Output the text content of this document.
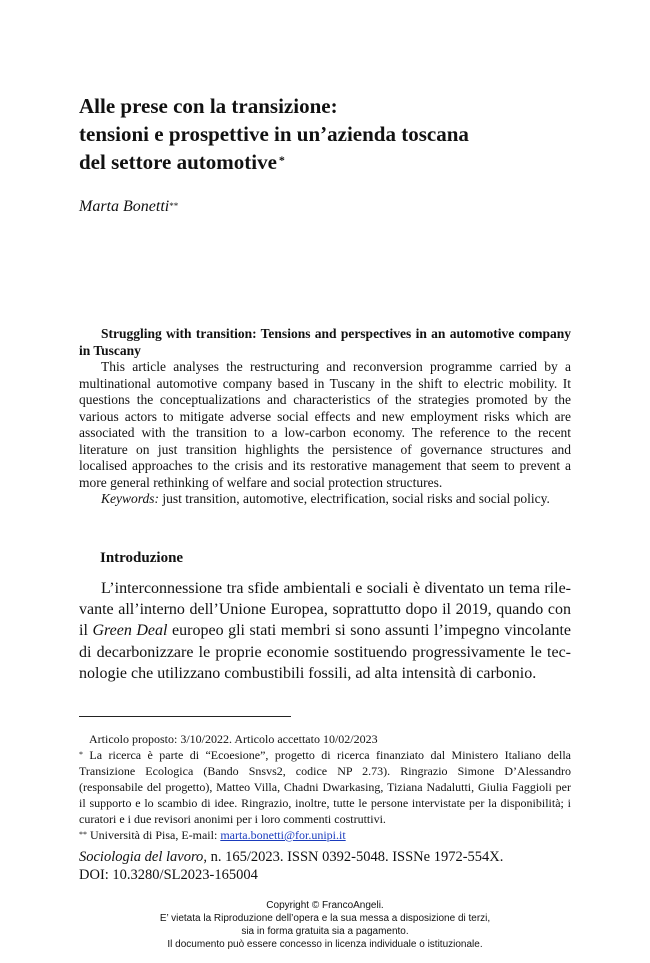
Alle prese con la transizione:
tensioni e prospettive in un’azienda toscana
del settore automotive *
Marta Bonetti**

Struggling with transition: Tensions and perspectives in an automotive company in Tuscany

This article analyses the restructuring and reconversion programme carried by a multinational automotive company based in Tuscany in the shift to electric mobility. It questions the conceptualizations and characteristics of the strategies promoted by the various actors to mitigate adverse social effects and new employment risks which are associated with the transition to a low-carbon economy. The reference to the recent literature on just transition highlights the persistence of governance structures and localised approaches to the crisis and its restorative management that seem to prevent a more general rethinking of welfare and social protection structures.

Keywords: just transition, automotive, electrification, social risks and social policy.

Introduzione
L’interconnessione tra sfide ambientali e sociali è diventato un tema rile-
vante all’interno dell’Unione Europea, soprattutto dopo il 2019, quando con
il Green Deal europeo gli stati membri si sono assunti l’impegno vincolante
di decarbonizzare le proprie economie sostituendo progressivamente le tec-
nologie che utilizzano combustibili fossili, ad alta intensità di carbonio.

Articolo proposto: 3/10/2022. Articolo accettato 10/02/2023

* La ricerca è parte di “Ecoesione”, progetto di ricerca finanziato dal Ministero Italiano della Transizione Ecologica (Bando Snsvs2, codice NP 2.73). Ringrazio Simone D’Alessandro (responsabile del progetto), Matteo Villa, Chadni Dwarkasing, Tiziana Nadalutti, Giulia Faggioli per il supporto e lo scambio di idee. Ringrazio, inoltre, tutte le persone intervistate per la disponibilità; i curatori e i due revisori anonimi per i loro commenti costruttivi.

** Università di Pisa, E-mail: marta.bonetti@for.unipi.it

Sociologia del lavoro, n. 165/2023. ISSN 0392-5048. ISSNe 1972-554X.

DOI: 10.3280/SL2023-165004

Copyright © FrancoAngeli.
E’ vietata la Riproduzione dell’opera e la sua messa a disposizione di terzi,
sia in forma gratuita sia a pagamento.
Il documento può essere concesso in licenza individuale o istituzionale.
